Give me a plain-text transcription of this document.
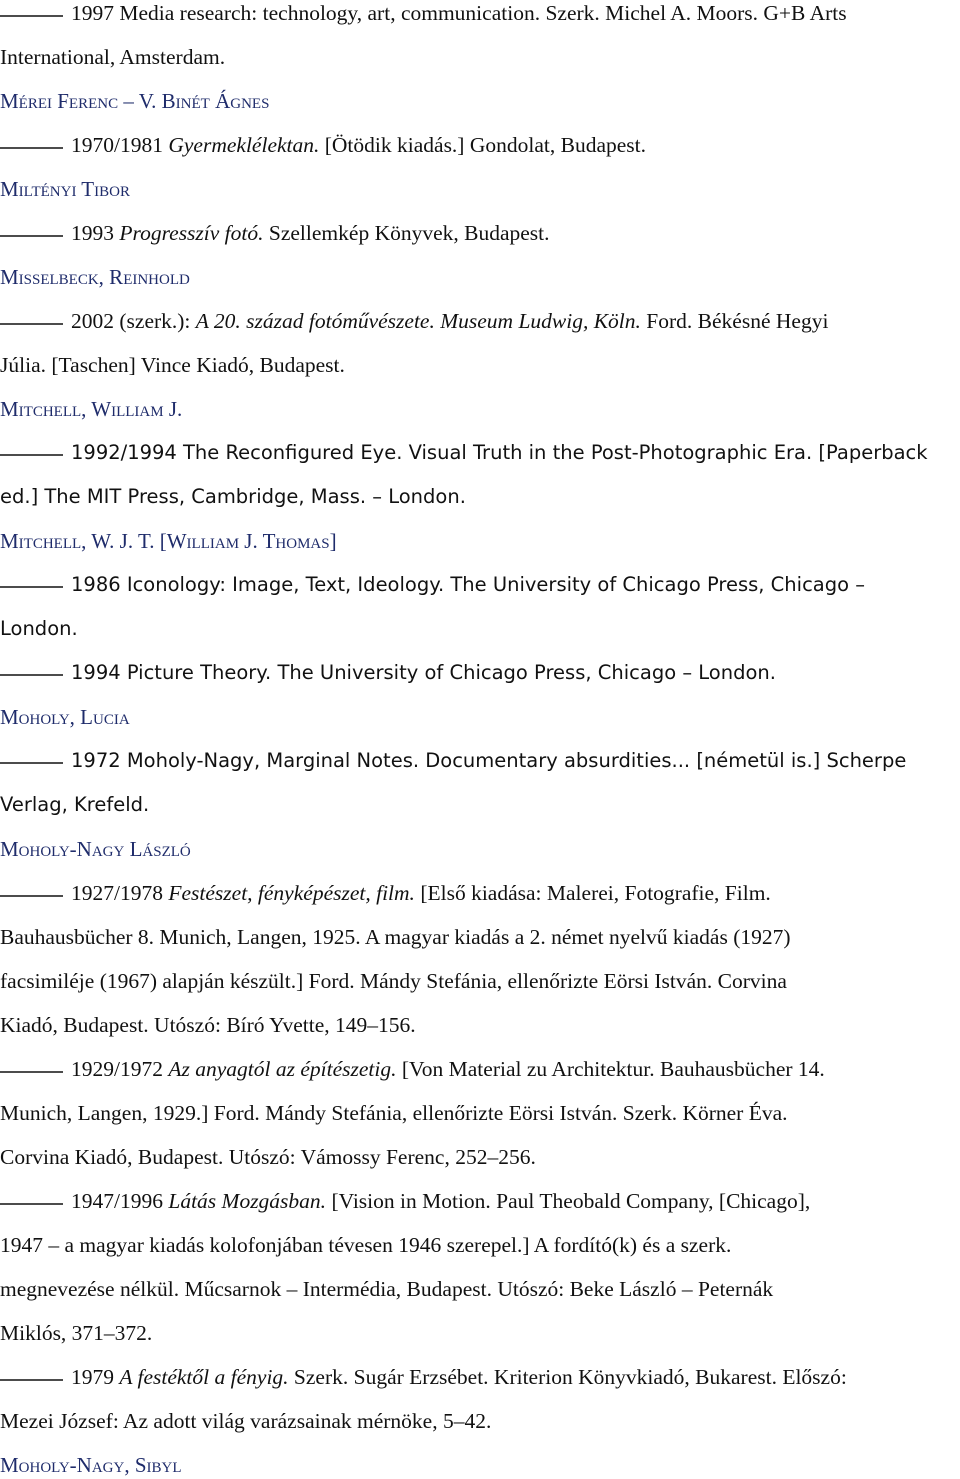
1997 Media research: technology, art, communication. Szerk. Michel A. Moors. G+B Arts
International, Amsterdam.
Mérei Ferenc – V. Binét Ágnes
1970/1981 Gyermeklélektan. [Ötödik kiadás.] Gondolat, Budapest.
Miltényi Tibor
1993 Progresszív fotó. Szellemkép Könyvek, Budapest.
Mißelbeck, Reinhold
2002 (szerk.): A 20. század fotóművészete. Museum Ludwig, Köln. Ford. Békésné Hegyi
Júlia. [Taschen] Vince Kiadó, Budapest.
Mitchell, William J.
1992/1994 The Reconfigured Eye. Visual Truth in the Post-Photographic Era. [Paperback
ed.] The MIT Press, Cambridge, Mass. – London.
Mitchell, W. J. T. [William J. Thomas]
1986 Iconology: Image, Text, Ideology. The University of Chicago Press, Chicago –
London.
1994 Picture Theory. The University of Chicago Press, Chicago – London.
Moholy, Lucia
1972 Moholy-Nagy, Marginal Notes. Documentary absurdities... [németül is.] Scherpe
Verlag, Krefeld.
Moholy-Nagy László
1927/1978 Festészet, fényképészet, film. [Első kiadása: Malerei, Fotografie, Film.
Bauhausbücher 8. Munich, Langen, 1925. A magyar kiadás a 2. német nyelvű kiadás (1927)
facsimiléje (1967) alapján készült.] Ford. Mándy Stefánia, ellenőrizte Eörsi István. Corvina
Kiadó, Budapest. Utószó: Bíró Yvette, 149–156.
1929/1972 Az anyagtól az építészetig. [Von Material zu Architektur. Bauhausbücher 14.
Munich, Langen, 1929.] Ford. Mándy Stefánia, ellenőrizte Eörsi István. Szerk. Körner Éva.
Corvina Kiadó, Budapest. Utószó: Vámossy Ferenc, 252–256.
1947/1996 Látás Mozgásban. [Vision in Motion. Paul Theobald Company, [Chicago],
1947 – a magyar kiadás kolofonjában tévesen 1946 szerepel.] A fordító(k) és a szerk.
megnevezése nélkül. Műcsarnok – Intermédia, Budapest. Utószó: Beke László – Peternák
Miklós, 371–372.
1979 A festéktől a fényig. Szerk. Sugár Erzsébet. Kriterion Könyvkiadó, Bukarest. Előszó:
Mezei József: Az adott világ varázsainak mérnöke, 5–42.
Moholy-Nagy, Sibyl
